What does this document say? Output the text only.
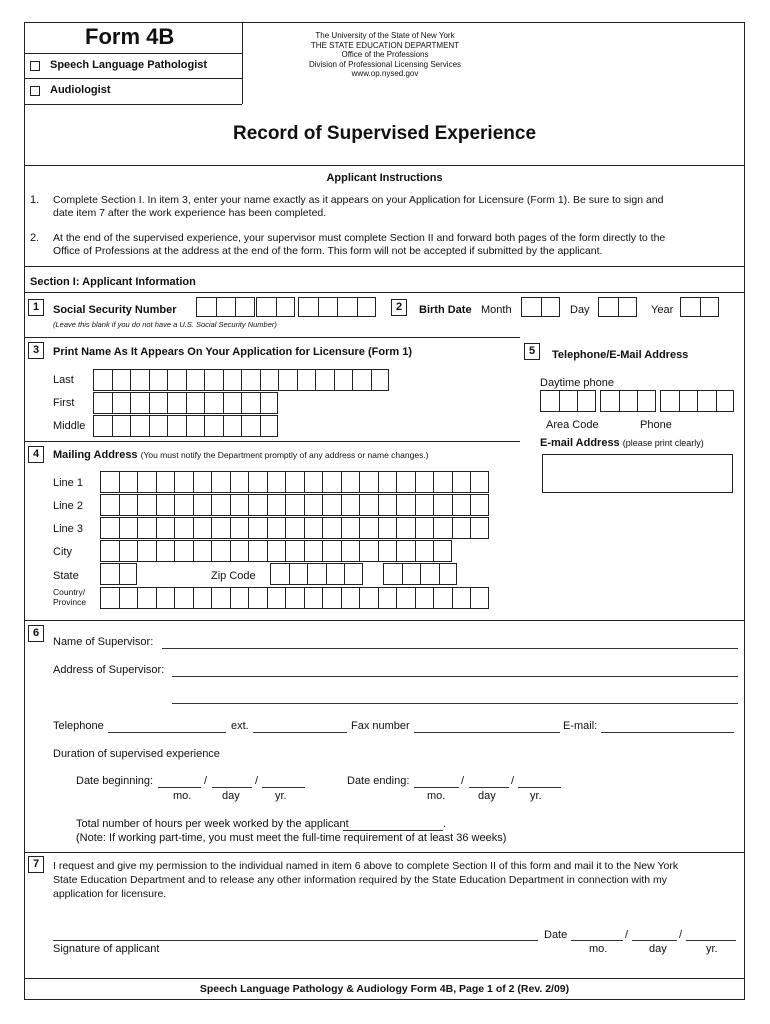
Form 4B
Speech Language Pathologist
Audiologist
The University of the State of New York
THE STATE EDUCATION DEPARTMENT
Office of the Professions
Division of Professional Licensing Services
www.op.nysed.gov
Record of Supervised Experience
Applicant Instructions
1. Complete Section I. In item 3, enter your name exactly as it appears on your Application for Licensure (Form 1). Be sure to sign and
date item 7 after the work experience has been completed.
2. At the end of the supervised experience, your supervisor must complete Section II and forward both pages of the form directly to the
Office of Professions at the address at the end of the form. This form will not be accepted if submitted by the applicant.
Section I: Applicant Information
1	Social Security Number
(Leave this blank if you do not have a U.S. Social Security Number)
2	Birth Date Month	Day	Year
3	Print Name As It Appears On Your Application for Licensure (Form 1)
Last
First
Middle
4	Mailing Address (You must notify the Department promptly of any address or name changes.)
Line 1
Line 2
Line 3
City
State	Zip Code
Country/
Province
5	Telephone/E-Mail Address
Daytime phone
Area Code	Phone
E-mail Address (please print clearly)
6
Name of Supervisor:
Address of Supervisor:
Telephone	ext.	Fax number	E-mail:
Duration of supervised experience
Date beginning:	/	/
mo.	day	yr.
Date ending:	/	/
mo.	day	yr.
Total number of hours per week worked by the applicant	.
(Note: If working part-time, you must meet the full-time requirement of at least 36 weeks)
7	I request and give my permission to the individual named in item 6 above to complete Section II of this form and mail it to the New York
State Education Department and to release any other information required by the State Education Department in connection with my
application for licensure.
Signature of applicant
Date	/	/
mo.	day	yr.
Speech Language Pathology & Audiology Form 4B, Page 1 of 2 (Rev. 2/09)
